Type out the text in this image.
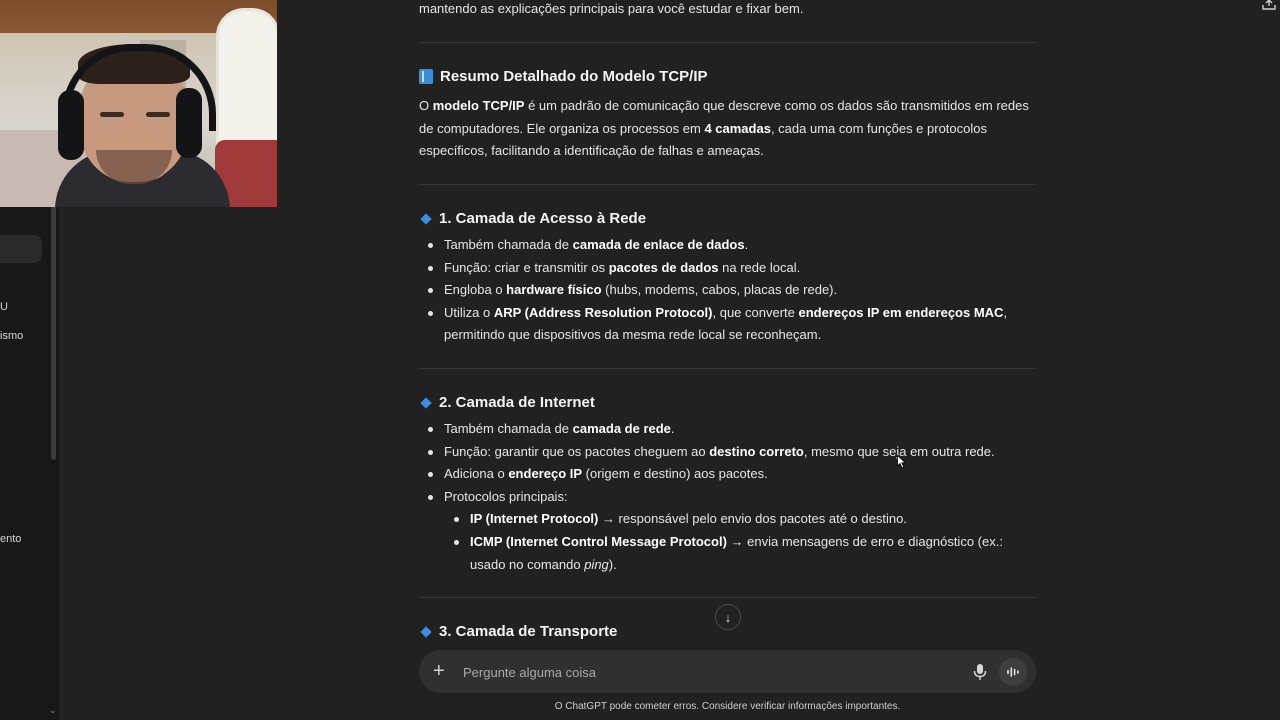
U
ismo
ento
⌄

mantendo as explicações principais para você estudar e fixar bem.

Resumo Detalhado do Modelo TCP/IP

O modelo TCP/IP é um padrão de comunicação que descreve como os dados são transmitidos em redes de computadores. Ele organiza os processos em 4 camadas, cada uma com funções e protocolos específicos, facilitando a identificação de falhas e ameaças.

1. Camada de Acesso à Rede
Também chamada de camada de enlace de dados.
Função: criar e transmitir os pacotes de dados na rede local.
Engloba o hardware físico (hubs, modems, cabos, placas de rede).
Utiliza o ARP (Address Resolution Protocol), que converte endereços IP em endereços MAC, permitindo que dispositivos da mesma rede local se reconheçam.
2. Camada de Internet
Também chamada de camada de rede.
Função: garantir que os pacotes cheguem ao destino correto, mesmo que seja em outra rede.
Adiciona o endereço IP (origem e destino) aos pacotes.
Protocolos principais:
IP (Internet Protocol) → responsável pelo envio dos pacotes até o destino.
ICMP (Internet Control Message Protocol) → envia mensagens de erro e diagnóstico (ex.: usado no comando ping).
3. Camada de Transporte
↓
+
Pergunte alguma coisa
O ChatGPT pode cometer erros. Considere verificar informações importantes.
